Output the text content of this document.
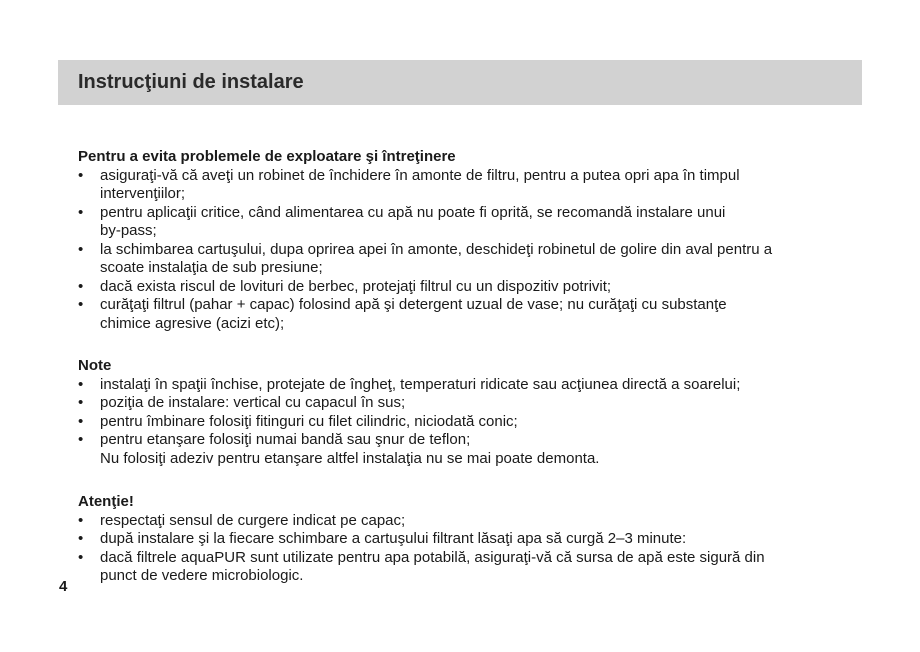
Instrucţiuni de instalare

Pentru a evita problemele de exploatare şi întreţinere

• asiguraţi-vă că aveţi un robinet de închidere în amonte de filtru, pentru a putea opri apa în timpul
intervenţiilor;
• pentru aplicaţii critice, când alimentarea cu apă nu poate fi oprită, se recomandă instalare unui
by-pass;
• la schimbarea cartuşului, dupa oprirea apei în amonte, deschideţi robinetul de golire din aval pentru a
scoate instalaţia de sub presiune;
• dacă exista riscul de lovituri de berbec, protejaţi filtrul cu un dispozitiv potrivit;
• curăţaţi filtrul (pahar + capac) folosind apă şi detergent uzual de vase; nu curăţaţi cu substanţe
chimice agresive (acizi etc);

Note

• instalaţi în spaţii închise, protejate de îngheţ, temperaturi ridicate sau acţiunea directă a soarelui;
• poziţia de instalare: vertical cu capacul în sus;
• pentru îmbinare folosiţi fitinguri cu filet cilindric, niciodată conic;
• pentru etanşare folosiţi numai bandă sau şnur de teflon;
Nu folosiţi adeziv pentru etanşare altfel instalaţia nu se mai poate demonta.

Atenţie!

• respectaţi sensul de curgere indicat pe capac;
• după instalare şi la fiecare schimbare a cartuşului filtrant lăsaţi apa să curgă 2–3 minute:
• dacă filtrele aquaPUR sunt utilizate pentru apa potabilă, asiguraţi-vă că sursa de apă este sigură din
punct de vedere microbiologic.
4
